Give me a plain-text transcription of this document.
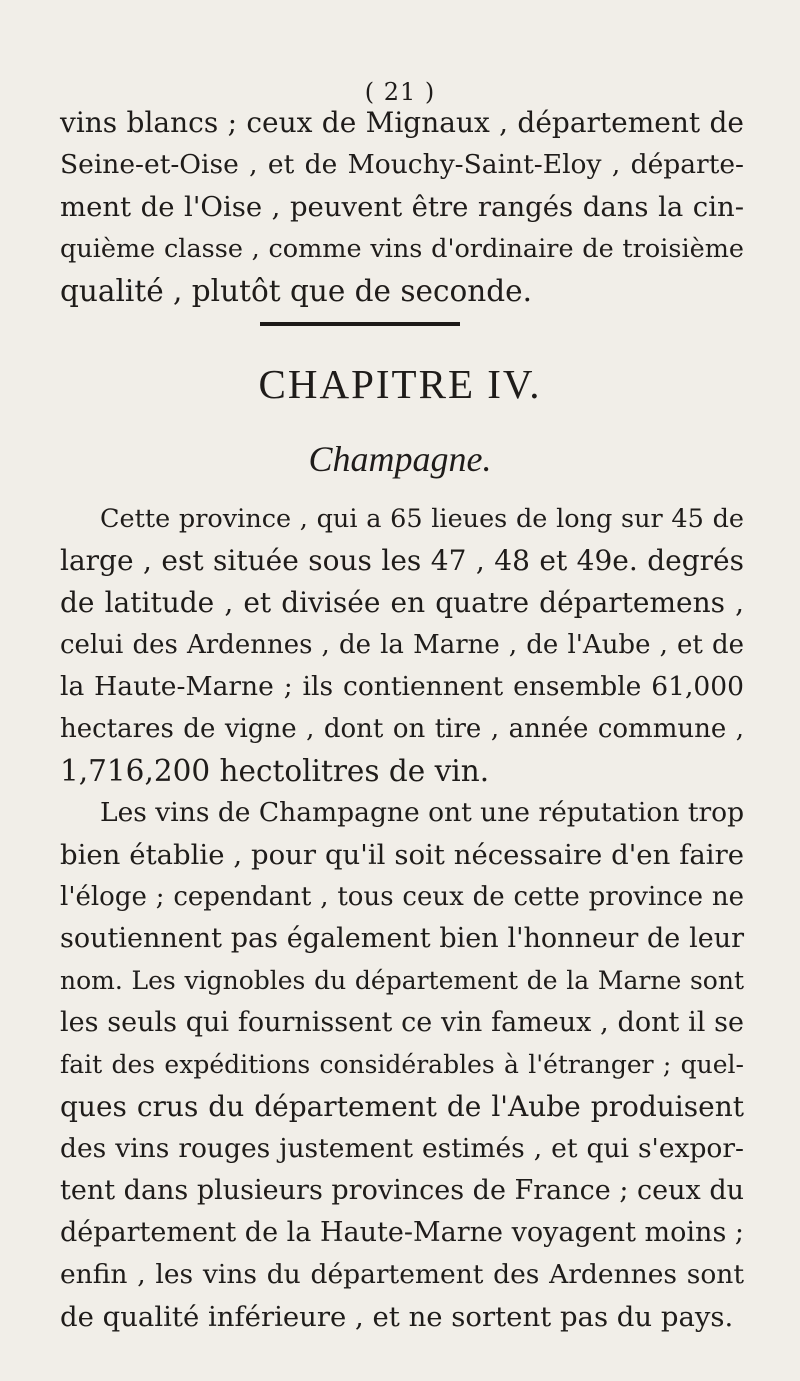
( 21 )
vins blancs ; ceux de Mignaux , département de
Seine-et-Oise , et de Mouchy-Saint-Eloy , départe-
ment de l'Oise , peuvent être rangés dans la cin-
quième classe , comme vins d'ordinaire de troisième
qualité , plutôt que de seconde.
CHAPITRE IV.
Champagne.
Cette province , qui a 65 lieues de long sur 45 de
large , est située sous les 47 , 48 et 49e. degrés
de latitude , et divisée en quatre départemens ,
celui des Ardennes , de la Marne , de l'Aube , et de
la Haute-Marne ; ils contiennent ensemble 61,000
hectares de vigne , dont on tire , année commune ,
1,716,200 hectolitres de vin.
Les vins de Champagne ont une réputation trop
bien établie , pour qu'il soit nécessaire d'en faire
l'éloge ; cependant , tous ceux de cette province ne
soutiennent pas également bien l'honneur de leur
nom. Les vignobles du département de la Marne sont
les seuls qui fournissent ce vin fameux , dont il se
fait des expéditions considérables à l'étranger ; quel-
ques crus du département de l'Aube produisent
des vins rouges justement estimés , et qui s'expor-
tent dans plusieurs provinces de France ; ceux du
département de la Haute-Marne voyagent moins ;
enfin , les vins du département des Ardennes sont
de qualité inférieure , et ne sortent pas du pays.
